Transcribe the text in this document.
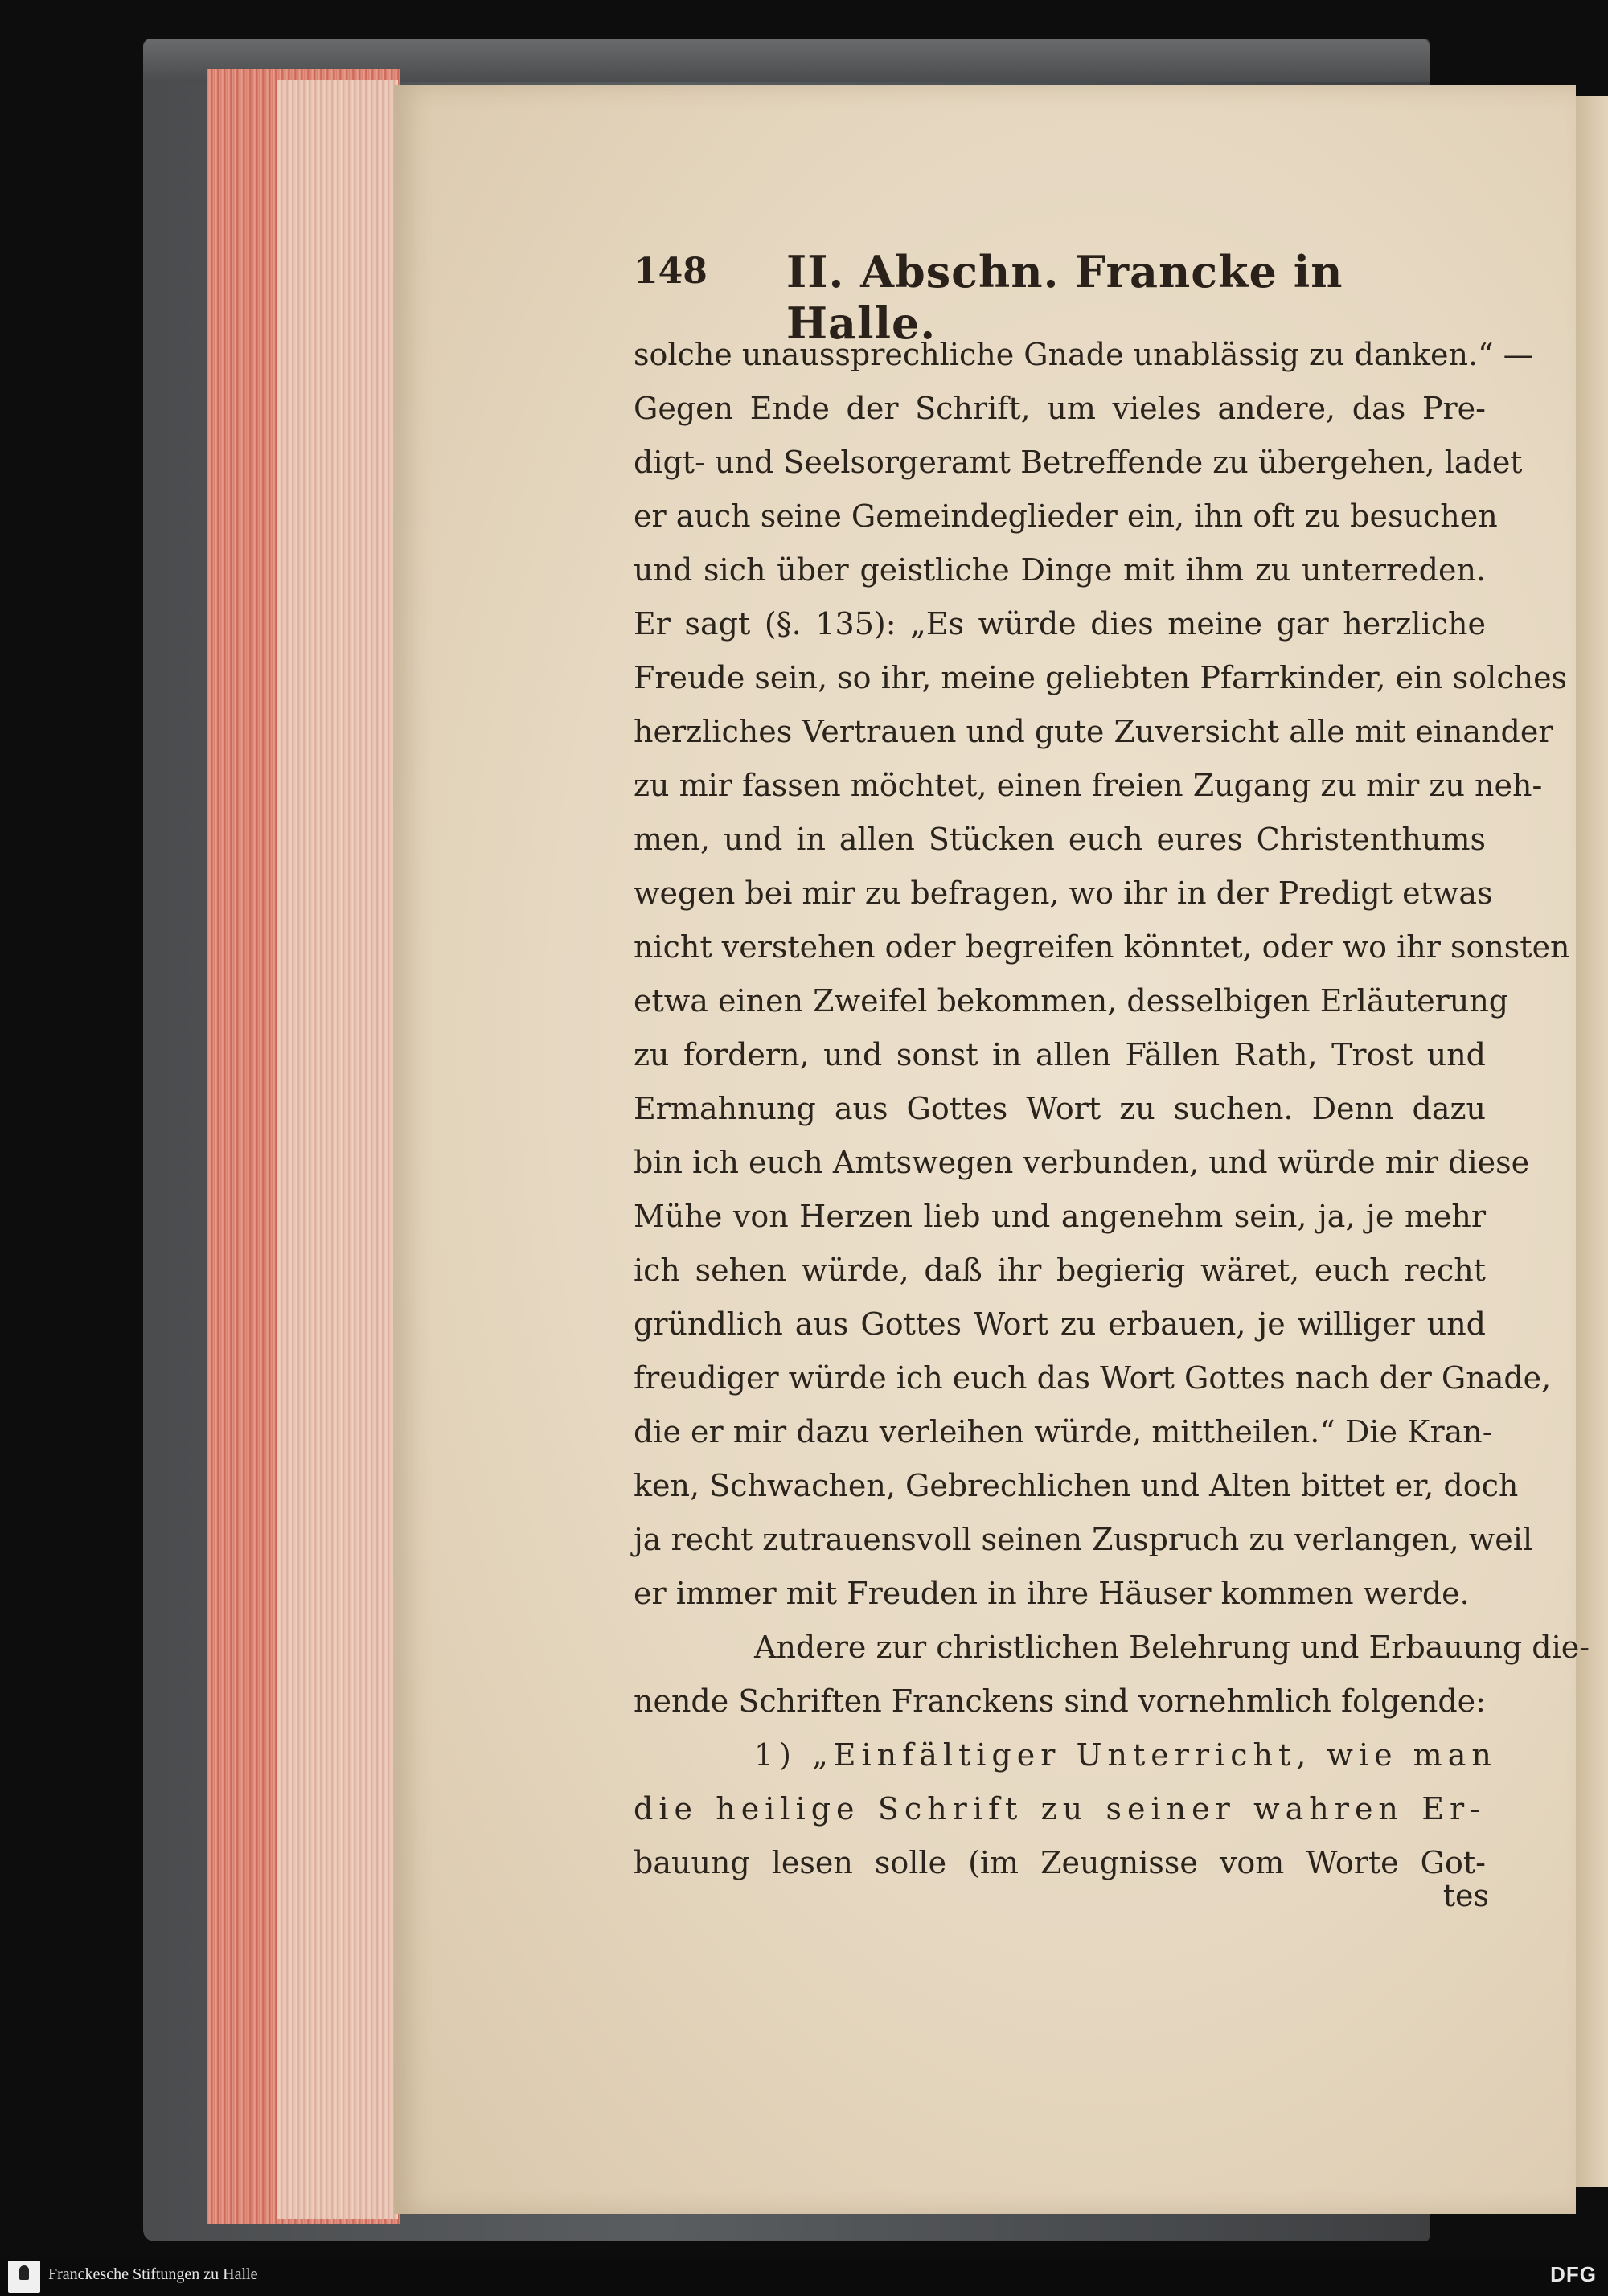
148 II. Abschn. Francke in Halle.
solche unaussprechliche Gnade unablässig zu danken.“ —
Gegen Ende der Schrift, um vieles andere, das Pre-
digt- und Seelsorgeramt Betreffende zu übergehen, ladet
er auch seine Gemeindeglieder ein, ihn oft zu besuchen
und sich über geistliche Dinge mit ihm zu unterreden.
Er sagt (§. 135): „Es würde dies meine gar herzliche
Freude sein, so ihr, meine geliebten Pfarrkinder, ein solches
herzliches Vertrauen und gute Zuversicht alle mit einander
zu mir fassen möchtet, einen freien Zugang zu mir zu neh-
men, und in allen Stücken euch eures Christenthums
wegen bei mir zu befragen, wo ihr in der Predigt etwas
nicht verstehen oder begreifen könntet, oder wo ihr sonsten
etwa einen Zweifel bekommen, desselbigen Erläuterung
zu fordern, und sonst in allen Fällen Rath, Trost und
Ermahnung aus Gottes Wort zu suchen. Denn dazu
bin ich euch Amtswegen verbunden, und würde mir diese
Mühe von Herzen lieb und angenehm sein, ja, je mehr
ich sehen würde, daß ihr begierig wäret, euch recht
gründlich aus Gottes Wort zu erbauen, je williger und
freudiger würde ich euch das Wort Gottes nach der Gnade,
die er mir dazu verleihen würde, mittheilen.“ Die Kran-
ken, Schwachen, Gebrechlichen und Alten bittet er, doch
ja recht zutrauensvoll seinen Zuspruch zu verlangen, weil
er immer mit Freuden in ihre Häuser kommen werde.
Andere zur christlichen Belehrung und Erbauung die-
nende Schriften Franckens sind vornehmlich folgende:
1) „Einfältiger Unterricht, wie man
die heilige Schrift zu seiner wahren Er-
bauung lesen solle (im Zeugnisse vom Worte Got-
tes
Franckesche Stiftungen zu Halle	DFG
